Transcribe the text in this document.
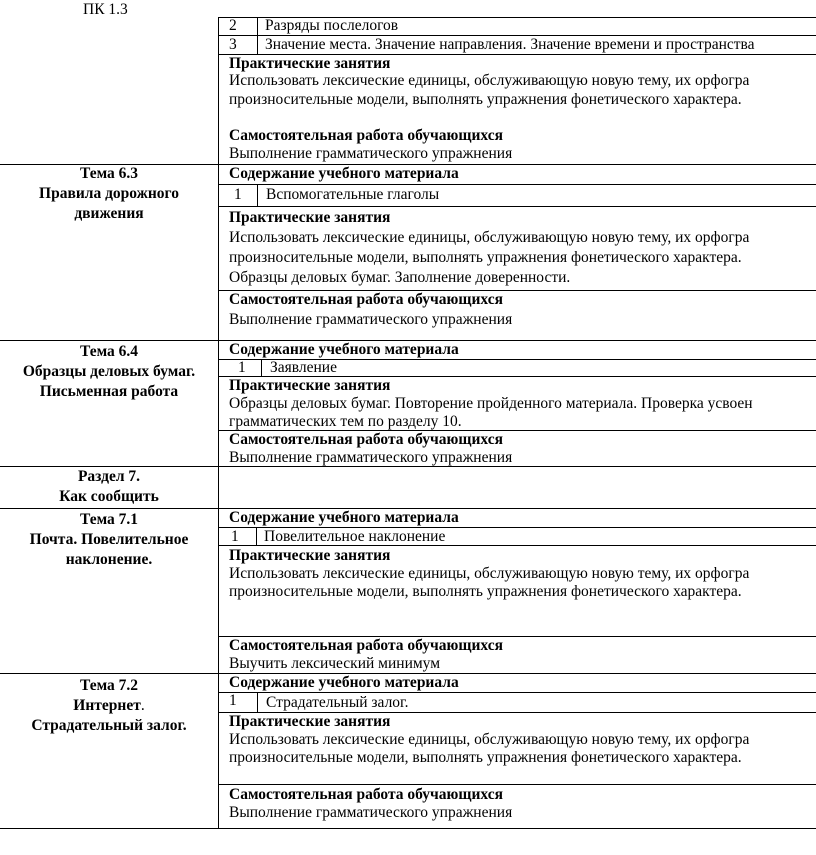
ПК 1.3
2 Разряды послелогов
3 Значение места. Значение направления. Значение времени и пространства
Практические занятия
Использовать лексические единицы, обслуживающую новую тему, их орфогра
произносительные модели, выполнять упражнения фонетического характера.
Самостоятельная работа обучающихся
Выполнение грамматического упражнения
Тема 6.3
Правила дорожного
движения
Содержание учебного материала
1 Вспомогательные глаголы
Практические занятия
Использовать лексические единицы, обслуживающую новую тему, их орфогра
произносительные модели, выполнять упражнения фонетического характера.
Образцы деловых бумаг. Заполнение доверенности.
Самостоятельная работа обучающихся
Выполнение грамматического упражнения
Тема 6.4
Образцы деловых бумаг.
Письменная работа
Содержание учебного материала
1 Заявление
Практические занятия
Образцы деловых бумаг. Повторение пройденного материала. Проверка усвоен
грамматических тем по разделу 10.
Самостоятельная работа обучающихся
Выполнение грамматического упражнения
Раздел 7.
Как сообщить
Тема 7.1
Почта. Повелительное
наклонение.
Содержание учебного материала
1 Повелительное наклонение
Практические занятия
Использовать лексические единицы, обслуживающую новую тему, их орфогра
произносительные модели, выполнять упражнения фонетического характера.
Самостоятельная работа обучающихся
Выучить лексический минимум
Тема 7.2
Интернет.
Страдательный залог.
Содержание учебного материала
1 Страдательный залог.
Практические занятия
Использовать лексические единицы, обслуживающую новую тему, их орфогра
произносительные модели, выполнять упражнения фонетического характера.
Самостоятельная работа обучающихся
Выполнение грамматического упражнения
